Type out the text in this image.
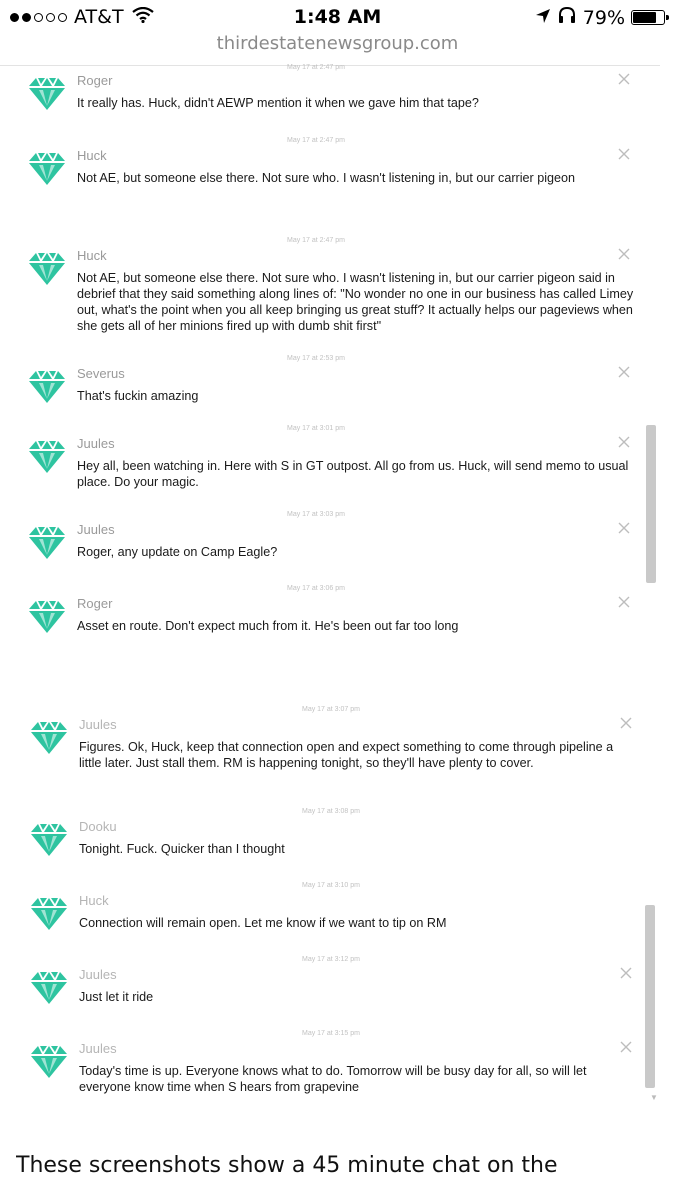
AT&T	1:48 AM	79%
thirdestatenewsgroup.com
May 17 at 2:47 pm
Roger
It really has. Huck, didn't AEWP mention it when we gave him that tape?
May 17 at 2:47 pm
Huck
Not AE, but someone else there. Not sure who. I wasn't listening in, but our carrier pigeon
May 17 at 2:47 pm
Huck
Not AE, but someone else there. Not sure who. I wasn't listening in, but our carrier pigeon said in debrief that they said something along lines of: "No wonder no one in our business has called Limey out, what's the point when you all keep bringing us great stuff? It actually helps our pageviews when she gets all of her minions fired up with dumb shit first"
May 17 at 2:53 pm
Severus
That's fuckin amazing
May 17 at 3:01 pm
Juules
Hey all, been watching in. Here with S in GT outpost. All go from us. Huck, will send memo to usual place. Do your magic.
May 17 at 3:03 pm
Juules
Roger, any update on Camp Eagle?
May 17 at 3:06 pm
Roger
Asset en route. Don't expect much from it. He's been out far too long
May 17 at 3:07 pm
Juules
Figures. Ok, Huck, keep that connection open and expect something to come through pipeline a little later. Just stall them. RM is happening tonight, so they'll have plenty to cover.
May 17 at 3:08 pm
Dooku
Tonight. Fuck. Quicker than I thought
May 17 at 3:10 pm
Huck
Connection will remain open. Let me know if we want to tip on RM
May 17 at 3:12 pm
Juules
Just let it ride
May 17 at 3:15 pm
Juules
Today's time is up. Everyone knows what to do. Tomorrow will be busy day for all, so will let everyone know time when S hears from grapevine
▼
These screenshots show a 45 minute chat on the
